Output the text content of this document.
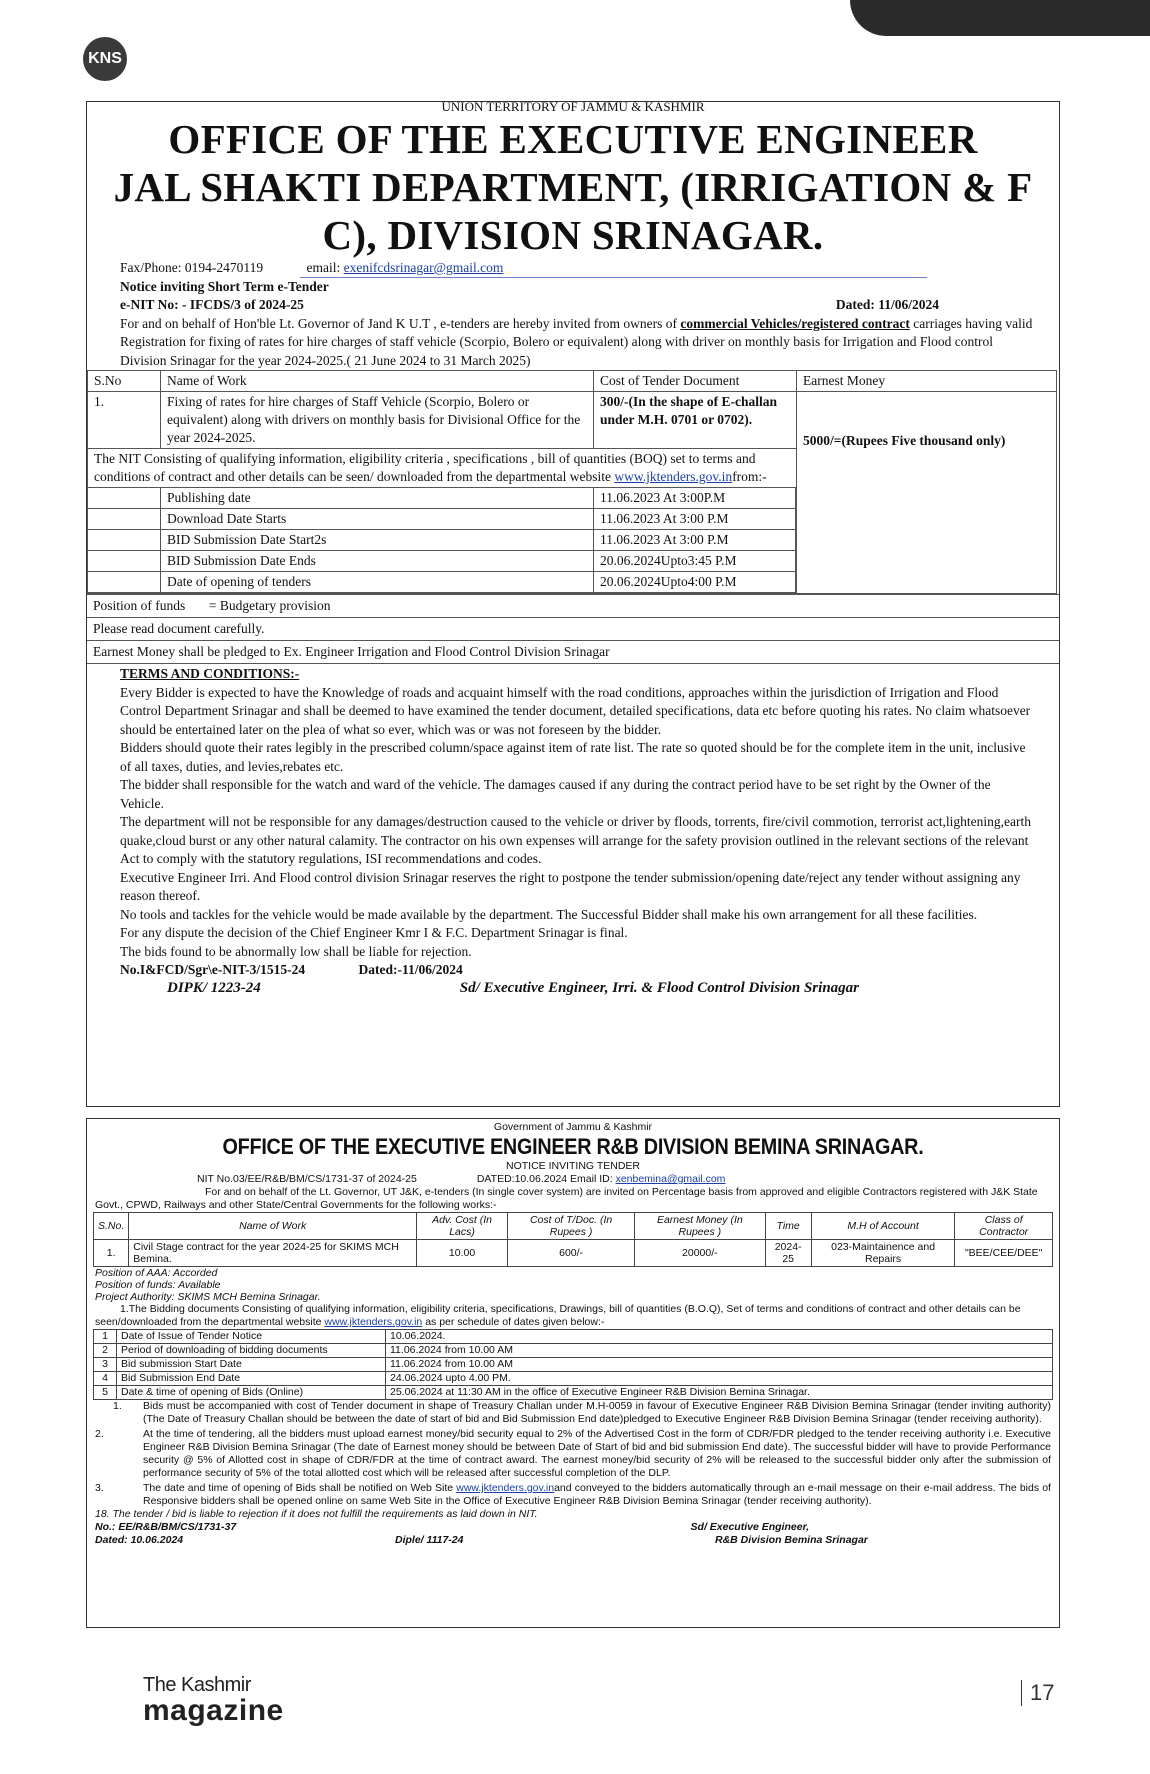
KNS
UNION TERRITORY OF JAMMU & KASHMIR
OFFICE OF THE EXECUTIVE ENGINEER
JAL SHAKTI DEPARTMENT, (IRRIGATION & F
C), DIVISION SRINAGAR.
Fax/Phone: 0194-2470119	email: exenifcdsrinagar@gmail.com
Notice inviting Short Term e-Tender
e-NIT No: - IFCDS/3 of 2024-25	Dated: 11/06/2024
For and on behalf of Hon'ble Lt. Governor of Jand K U.T , e-tenders are hereby invited from owners of commercial Vehicles/registered contract carriages having valid Registration for fixing of rates for hire charges of staff vehicle (Scorpio, Bolero or equivalent) along with driver on monthly basis for Irrigation and Flood control Division Srinagar for the year 2024-2025.( 21 June 2024 to 31 March 2025)
S.No	Name of Work	Cost of Tender Document	Earnest Money
1.	Fixing of rates for hire charges of Staff Vehicle (Scorpio, Bolero or equivalent) along with drivers on monthly basis for Divisional Office for the year 2024-2025.	300/-(In the shape of E-challan under M.H. 0701 or 0702).	5000/=(Rupees Five thousand only)
The NIT Consisting of qualifying information, eligibility criteria , specifications , bill of quantities (BOQ) set to terms and conditions of contract and other details can be seen/ downloaded from the departmental website www.jktenders.gov.infrom:-

	Publishing date	11.06.2023 At 3:00P.M
	Download Date Starts	11.06.2023 At 3:00 P.M
	BID Submission Date Start2s	11.06.2023 At 3:00 P.M
	BID Submission Date Ends	20.06.2024Upto3:45 P.M
	Date of opening of tenders	20.06.2024Upto4:00 P.M
Position of funds       = Budgetary provision
Please read document carefully.
Earnest Money shall be pledged to Ex. Engineer Irrigation and Flood Control Division Srinagar
TERMS AND CONDITIONS:-
Every Bidder is expected to have the Knowledge of roads and acquaint himself with the road conditions, approaches within the jurisdiction of Irrigation and Flood Control Department Srinagar and shall be deemed to have examined the tender document, detailed specifications, data etc before quoting his rates. No claim whatsoever should be entertained later on the plea of what so ever, which was or was not foreseen by the bidder.
Bidders should quote their rates legibly in the prescribed column/space against item of rate list. The rate so quoted should be for the complete item in the unit, inclusive of all taxes, duties, and levies,rebates etc.
The bidder shall responsible for the watch and ward of the vehicle. The damages caused if any during the contract period have to be set right by the Owner of the Vehicle.
The department will not be responsible for any damages/destruction caused to the vehicle or driver by floods, torrents, fire/civil commotion, terrorist act,lightening,earth quake,cloud burst or any other natural calamity. The contractor on his own expenses will arrange for the safety provision outlined in the relevant sections of the relevant Act to comply with the statutory regulations, ISI recommendations and codes.
Executive Engineer Irri. And Flood control division Srinagar reserves the right to postpone the tender submission/opening date/reject any tender without assigning any reason thereof.
No tools and tackles for the vehicle would be made available by the department. The Successful Bidder shall make his own arrangement for all these facilities.
For any dispute the decision of the Chief Engineer Kmr I & F.C. Department Srinagar is final.
The bids found to be abnormally low shall be liable for rejection.
No.I&FCD/Sgr\e-NIT-3/1515-24	Dated:-11/06/2024
DIPK/ 1223-24	Sd/ Executive Engineer, Irri. & Flood Control Division Srinagar
Government of Jammu & Kashmir
OFFICE OF THE EXECUTIVE ENGINEER R&B DIVISION BEMINA SRINAGAR.
NOTICE INVITING TENDER
NIT No.03/EE/R&B/BM/CS/1731-37 of 2024-25	DATED:10.06.2024 Email ID: xenbemina@gmail.com
For and on behalf of the Lt. Governor, UT J&K, e-tenders (In single cover system) are invited on Percentage basis from approved and eligible Contractors registered with J&K State Govt., CPWD, Railways and other State/Central Governments for the following works:-
S.No.	Name of Work	Adv. Cost (In Lacs)	Cost of T/Doc. (In Rupees )	Earnest Money (In Rupees )	Time	M.H of Account	Class of Contractor
1.	Civil Stage contract for the year 2024-25 for SKIMS MCH Bemina.	10.00	600/-	20000/-	2024-25	023-Maintainence and Repairs	"BEE/CEE/DEE"
Position of AAA: Accorded
Position of funds: Available
Project Authority: SKIMS MCH Bemina Srinagar.
1.The Bidding documents Consisting of qualifying information, eligibility criteria, specifications, Drawings, bill of quantities (B.O.Q), Set of terms and conditions of contract and other details can be seen/downloaded from the departmental website www.jktenders.gov.in as per schedule of dates given below:-
1	Date of Issue of Tender Notice	10.06.2024.
2	Period of downloading of bidding documents	11.06.2024 from 10.00 AM
3	Bid submission Start Date	11.06.2024 from 10.00 AM
4	Bid Submission End Date	24.06.2024 upto 4.00 PM.
5	Date & time of opening of Bids (Online)	25.06.2024 at 11:30 AM in the office of Executive Engineer R&B Division Bemina Srinagar.
1.	Bids must be accompanied with cost of Tender document in shape of Treasury Challan under M.H-0059 in favour of Executive Engineer R&B Division Bemina Srinagar (tender inviting authority)(The Date of Treasury Challan should be between the date of start of bid and Bid Submission End date)pledged to Executive Engineer R&B Division Bemina Srinagar (tender receiving authority).
2.	At the time of tendering, all the bidders must upload earnest money/bid security equal to 2% of the Advertised Cost in the form of CDR/FDR pledged to the tender receiving authority i.e. Executive Engineer R&B Division Bemina Srinagar (The date of Earnest money should be between Date of Start of bid and bid submission End date). The successful bidder will have to provide Performance security @ 5% of Allotted cost in shape of CDR/FDR at the time of contract award. The earnest money/bid security of 2% will be released to the successful bidder only after the submission of performance security of 5% of the total allotted cost which will be released after successful completion of the DLP.
3.	The date and time of opening of Bids shall be notified on Web Site www.jktenders.gov.inand conveyed to the bidders automatically through an e-mail message on their e-mail address. The bids of Responsive bidders shall be opened online on same Web Site in the Office of Executive Engineer R&B Division Bemina Srinagar (tender receiving authority).
18. The tender / bid is liable to rejection if it does not fulfill the requirements as laid down in NIT.
No.: EE/R&B/BM/CS/1731-37	Sd/ Executive Engineer,
Dated: 10.06.2024	Diple/ 1117-24	R&B Division Bemina Srinagar
The Kashmir
magazine
17
